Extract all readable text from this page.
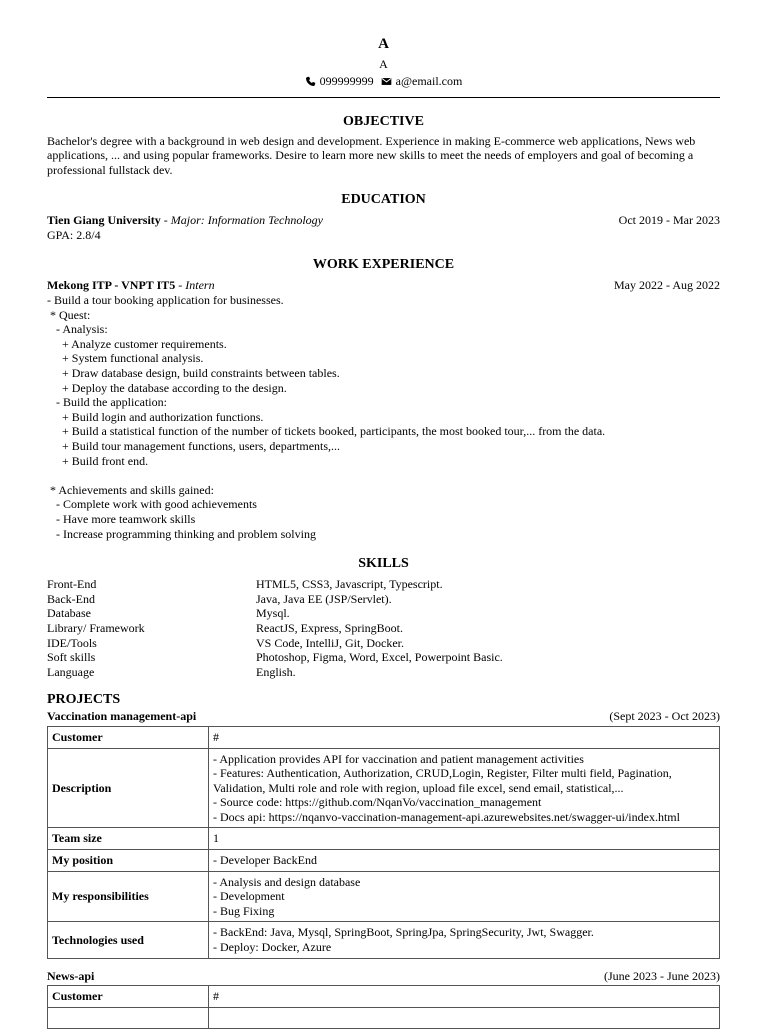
A
A
099999999
a@email.com
OBJECTIVE
Bachelor's degree with a background in web design and development. Experience in making E-commerce web applications, News web applications, ... and using popular frameworks. Desire to learn more new skills to meet the needs of employers and goal of becoming a professional fullstack dev.
EDUCATION
Tien Giang University - Major: Information Technology	Oct 2019 - Mar 2023
GPA: 2.8/4
WORK EXPERIENCE
Mekong ITP - VNPT IT5 - Intern	May 2022 - Aug 2022
- Build a tour booking application for businesses.
* Quest:
- Analysis:
+ Analyze customer requirements.
+ System functional analysis.
+ Draw database design, build constraints between tables.
+ Deploy the database according to the design.
- Build the application:
+ Build login and authorization functions.
+ Build a statistical function of the number of tickets booked, participants, the most booked tour,... from the data.
+ Build tour management functions, users, departments,...
+ Build front end.

* Achievements and skills gained:
- Complete work with good achievements
- Have more teamwork skills
- Increase programming thinking and problem solving
SKILLS
Front-End	HTML5, CSS3, Javascript, Typescript.
Back-End	Java, Java EE (JSP/Servlet).
Database	Mysql.
Library/ Framework	ReactJS, Express, SpringBoot.
IDE/Tools	VS Code, IntelliJ, Git, Docker.
Soft skills	Photoshop, Figma, Word, Excel, Powerpoint Basic.
Language	English.
PROJECTS
Vaccination management-api	(Sept 2023 - Oct 2023)
Customer	#
Description	- Application provides API for vaccination and patient management activities
- Features: Authentication, Authorization, CRUD,Login, Register, Filter multi field, Pagination, Validation, Multi role and role with region, upload file excel, send email, statistical,...
- Source code: https://github.com/NqanVo/vaccination_management
- Docs api: https://nqanvo-vaccination-management-api.azurewebsites.net/swagger-ui/index.html

Team size	1
My position	- Developer BackEnd
My responsibilities	- Analysis and design database
- Development
- Bug Fixing

Technologies used	- BackEnd: Java, Mysql, SpringBoot, SpringJpa, SpringSecurity, Jwt, Swagger.
- Deploy: Docker, Azure
News-api	(June 2023 - June 2023)
Customer	#
